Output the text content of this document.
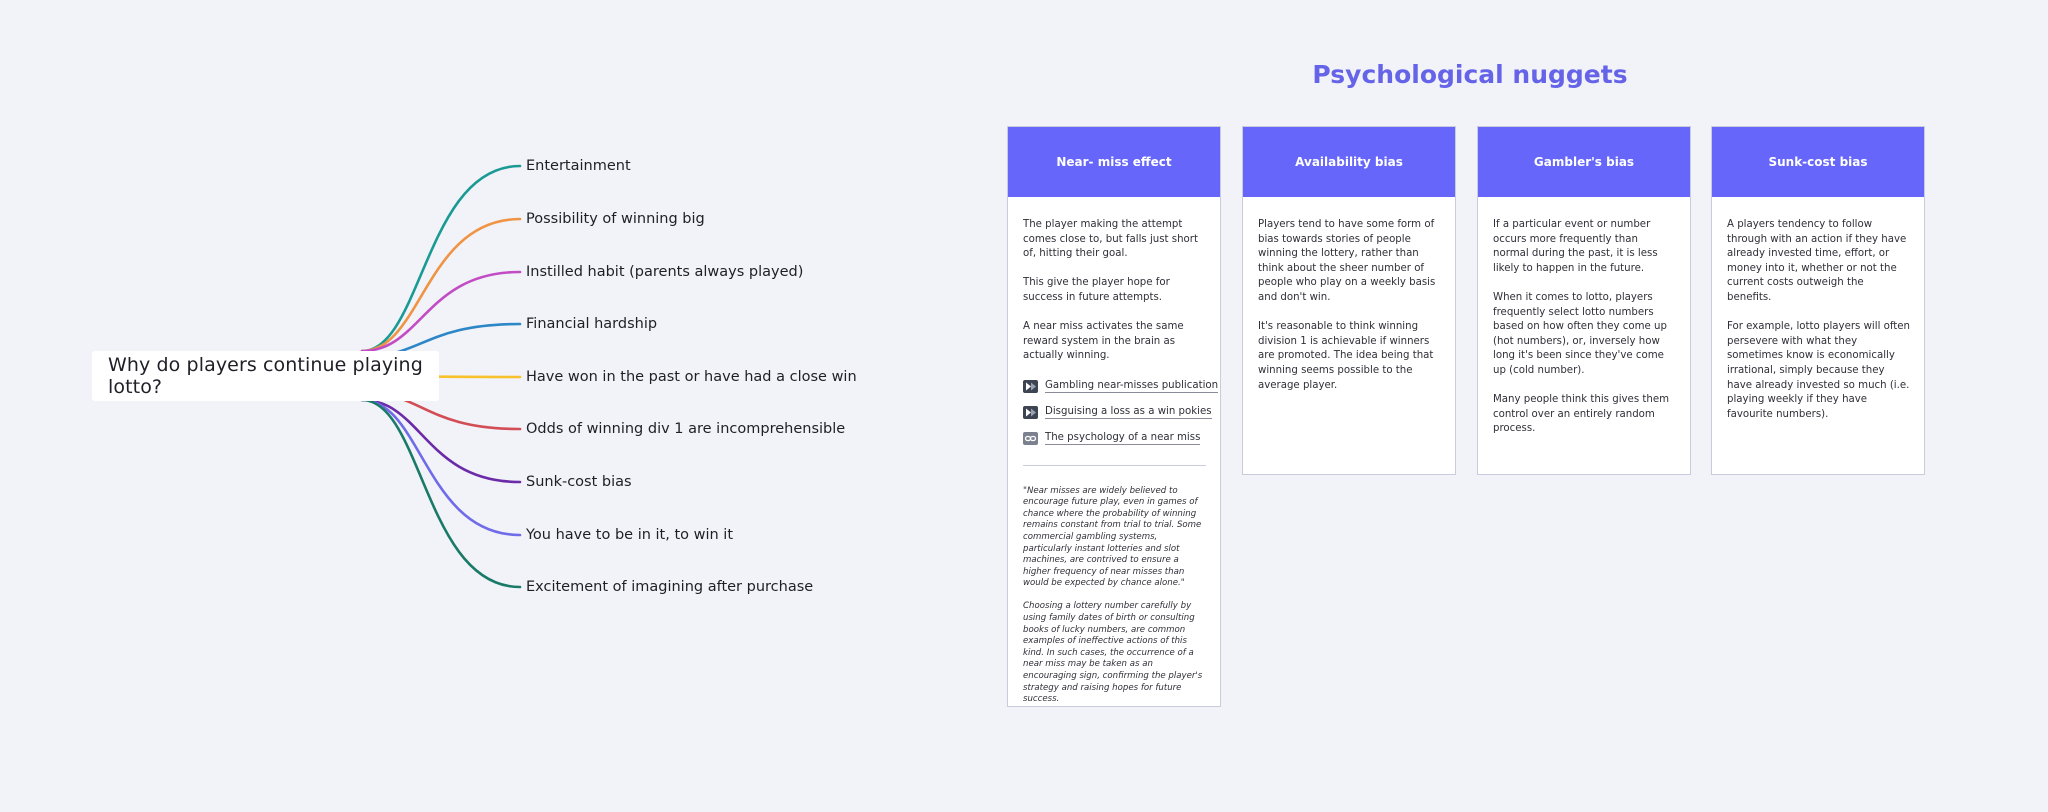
Why do players continue playing lotto?
Entertainment
Possibility of winning big
Instilled habit (parents always played)
Financial hardship
Have won in the past or have had a close win
Odds of winning div 1 are incomprehensible
Sunk-cost bias
You have to be in it, to win it
Excitement of imagining after purchase
Psychological nuggets
Near- miss effect

The player making the attempt comes close to, but falls just short of, hitting their goal.

This give the player hope for success in future attempts.

A near miss activates the same reward system in the brain as actually winning.

Gambling near-misses publication
Disguising a loss as a win pokies
The psychology of a near miss

"Near misses are widely believed to encourage future play, even in games of chance where the probability of winning remains constant from trial to trial. Some commercial gambling systems, particularly instant lotteries and slot machines, are contrived to ensure a higher frequency of near misses than would be expected by chance alone."

Choosing a lottery number carefully by using family dates of birth or consulting books of lucky numbers, are common examples of ineffective actions of this kind. In such cases, the occurrence of a near miss may be taken as an encouraging sign, confirming the player's strategy and raising hopes for future success.

Availability bias

Players tend to have some form of bias towards stories of people winning the lottery, rather than think about the sheer number of people who play on a weekly basis and don't win.

It's reasonable to think winning division 1 is achievable if winners are promoted. The idea being that winning seems possible to the average player.

Gambler's bias

If a particular event or number occurs more frequently than normal during the past, it is less likely to happen in the future.

When it comes to lotto, players frequently select lotto numbers based on how often they come up (hot numbers), or, inversely how long it's been since they've come up (cold number).

Many people think this gives them control over an entirely random process.

Sunk-cost bias

A players tendency to follow through with an action if they have already invested time, effort, or money into it, whether or not the current costs outweigh the benefits.

For example, lotto players will often persevere with what they sometimes know is economically irrational, simply because they have already invested so much (i.e. playing weekly if they have favourite numbers).
